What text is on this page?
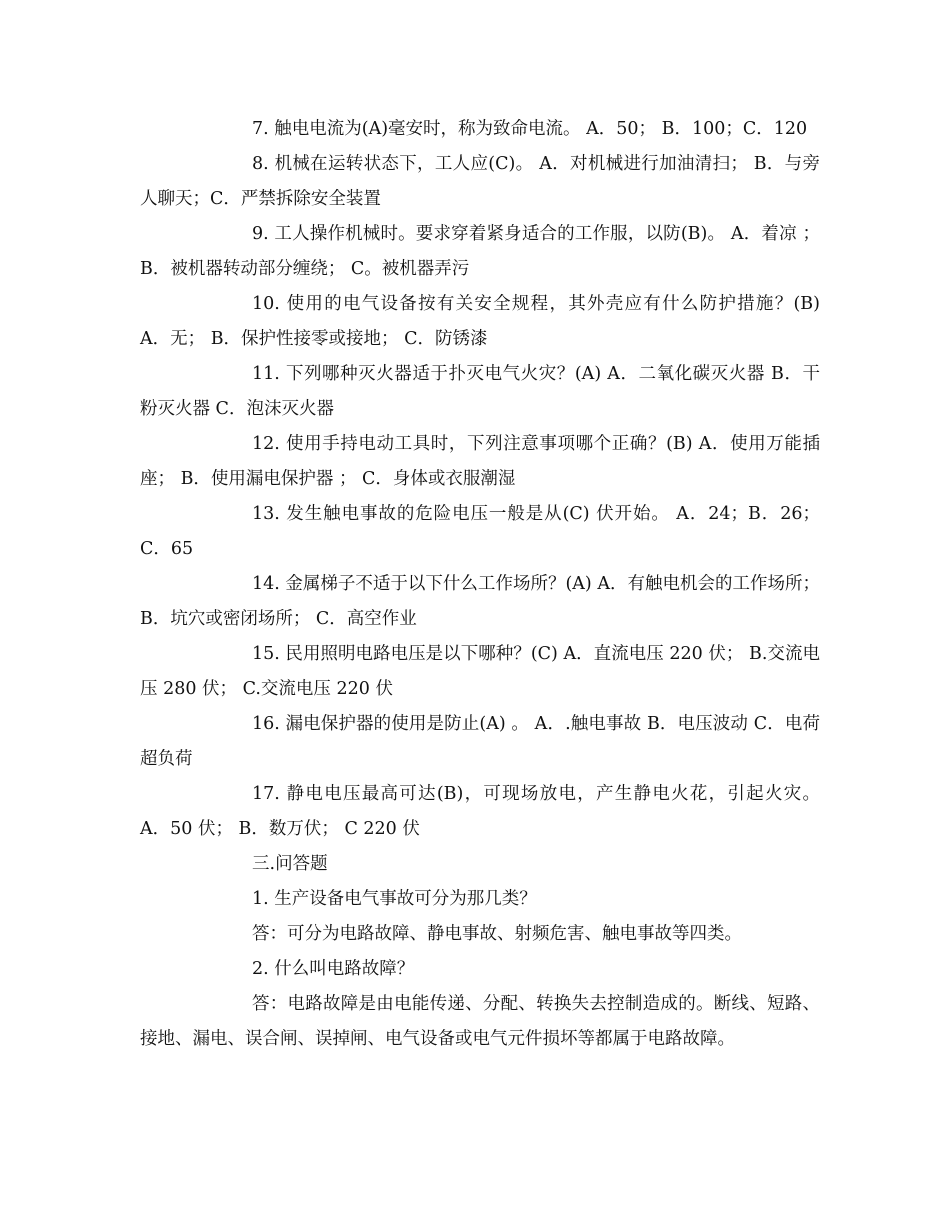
7. 触电电流为(A)毫安时，称为致命电流。 A．50； B．100；C．120

8. 机械在运转状态下，工人应(C)。 A．对机械进行加油清扫； B．与旁人聊天；C．严禁拆除安全装置

9. 工人操作机械时。要求穿着紧身适合的工作服，以防(B)。 A．着凉 ；B．被机器转动部分缠绕； C。被机器弄污

10. 使用的电气设备按有关安全规程，其外壳应有什么防护措施？(B) A．无； B．保护性接零或接地； C．防锈漆

11. 下列哪种灭火器适于扑灭电气火灾？(A) A．二氧化碳灭火器 B．干粉灭火器 C．泡沫灭火器

12. 使用手持电动工具时，下列注意事项哪个正确？(B) A．使用万能插座； B．使用漏电保护器 ； C．身体或衣服潮湿

13. 发生触电事故的危险电压一般是从(C) 伏开始。 A．24；B．26； C．65

14. 金属梯子不适于以下什么工作场所？(A) A．有触电机会的工作场所； B．坑穴或密闭场所； C．高空作业

15. 民用照明电路电压是以下哪种？(C) A．直流电压 220 伏； B.交流电压 280 伏； C.交流电压 220 伏

16. 漏电保护器的使用是防止(A) 。 A．.触电事故 B．电压波动 C．电荷超负荷

17. 静电电压最高可达(B)，可现场放电，产生静电火花，引起火灾。 A．50 伏； B．数万伏； C 220 伏

三.问答题

1. 生产设备电气事故可分为那几类？

答：可分为电路故障、静电事故、射频危害、触电事故等四类。

2. 什么叫电路故障？

答：电路故障是由电能传递、分配、转换失去控制造成的。断线、短路、接地、漏电、误合闸、误掉闸、电气设备或电气元件损坏等都属于电路故障。
